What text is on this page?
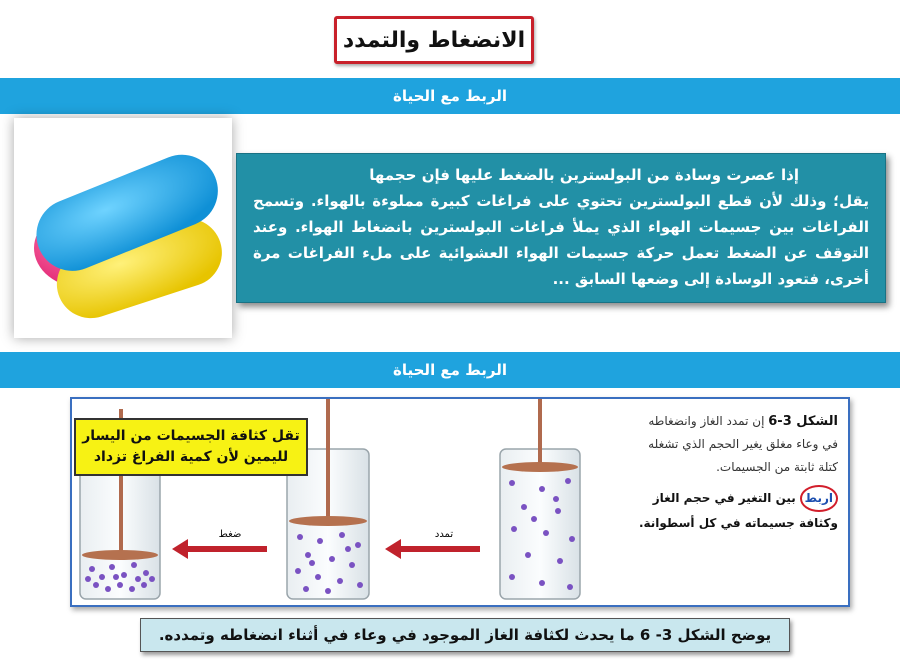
الانضغاط والتمدد
الربط مع الحياة

إذا عصرت وسادة من البولسترين بالضغط عليها فإن حجمها

يقل؛ وذلك لأن قطع البولسترين تحتوي على فراغات كبيرة مملوءة بالهواء. وتسمح الفراغات بين جسيمات الهواء الذي يملأ فراغات البولسترين بانضغاط الهواء. وعند التوقف عن الضغط تعمل حركة جسيمات الهواء العشوائية على ملء الفراغات مرة أخرى، فتعود الوسادة إلى وضعها السابق ...

الربط مع الحياة
ضغط	تمدد
تقل كثافة الجسيمات من اليسار
لليمين لأن كمية الفراغ تزداد
الشكل 3-6 إن تمدد الغاز وانضغاطه
في وعاء مغلق يغير الحجم الذي تشغله
كتلة ثابتة من الجسيمات.
اربط بين التغير في حجم الغاز
وكثافة جسيماته في كل أسطوانة.
يوضح الشكل 3- 6 ما يحدث لكثافة الغاز الموجود في وعاء في أثناء انضغاطه وتمدده.
